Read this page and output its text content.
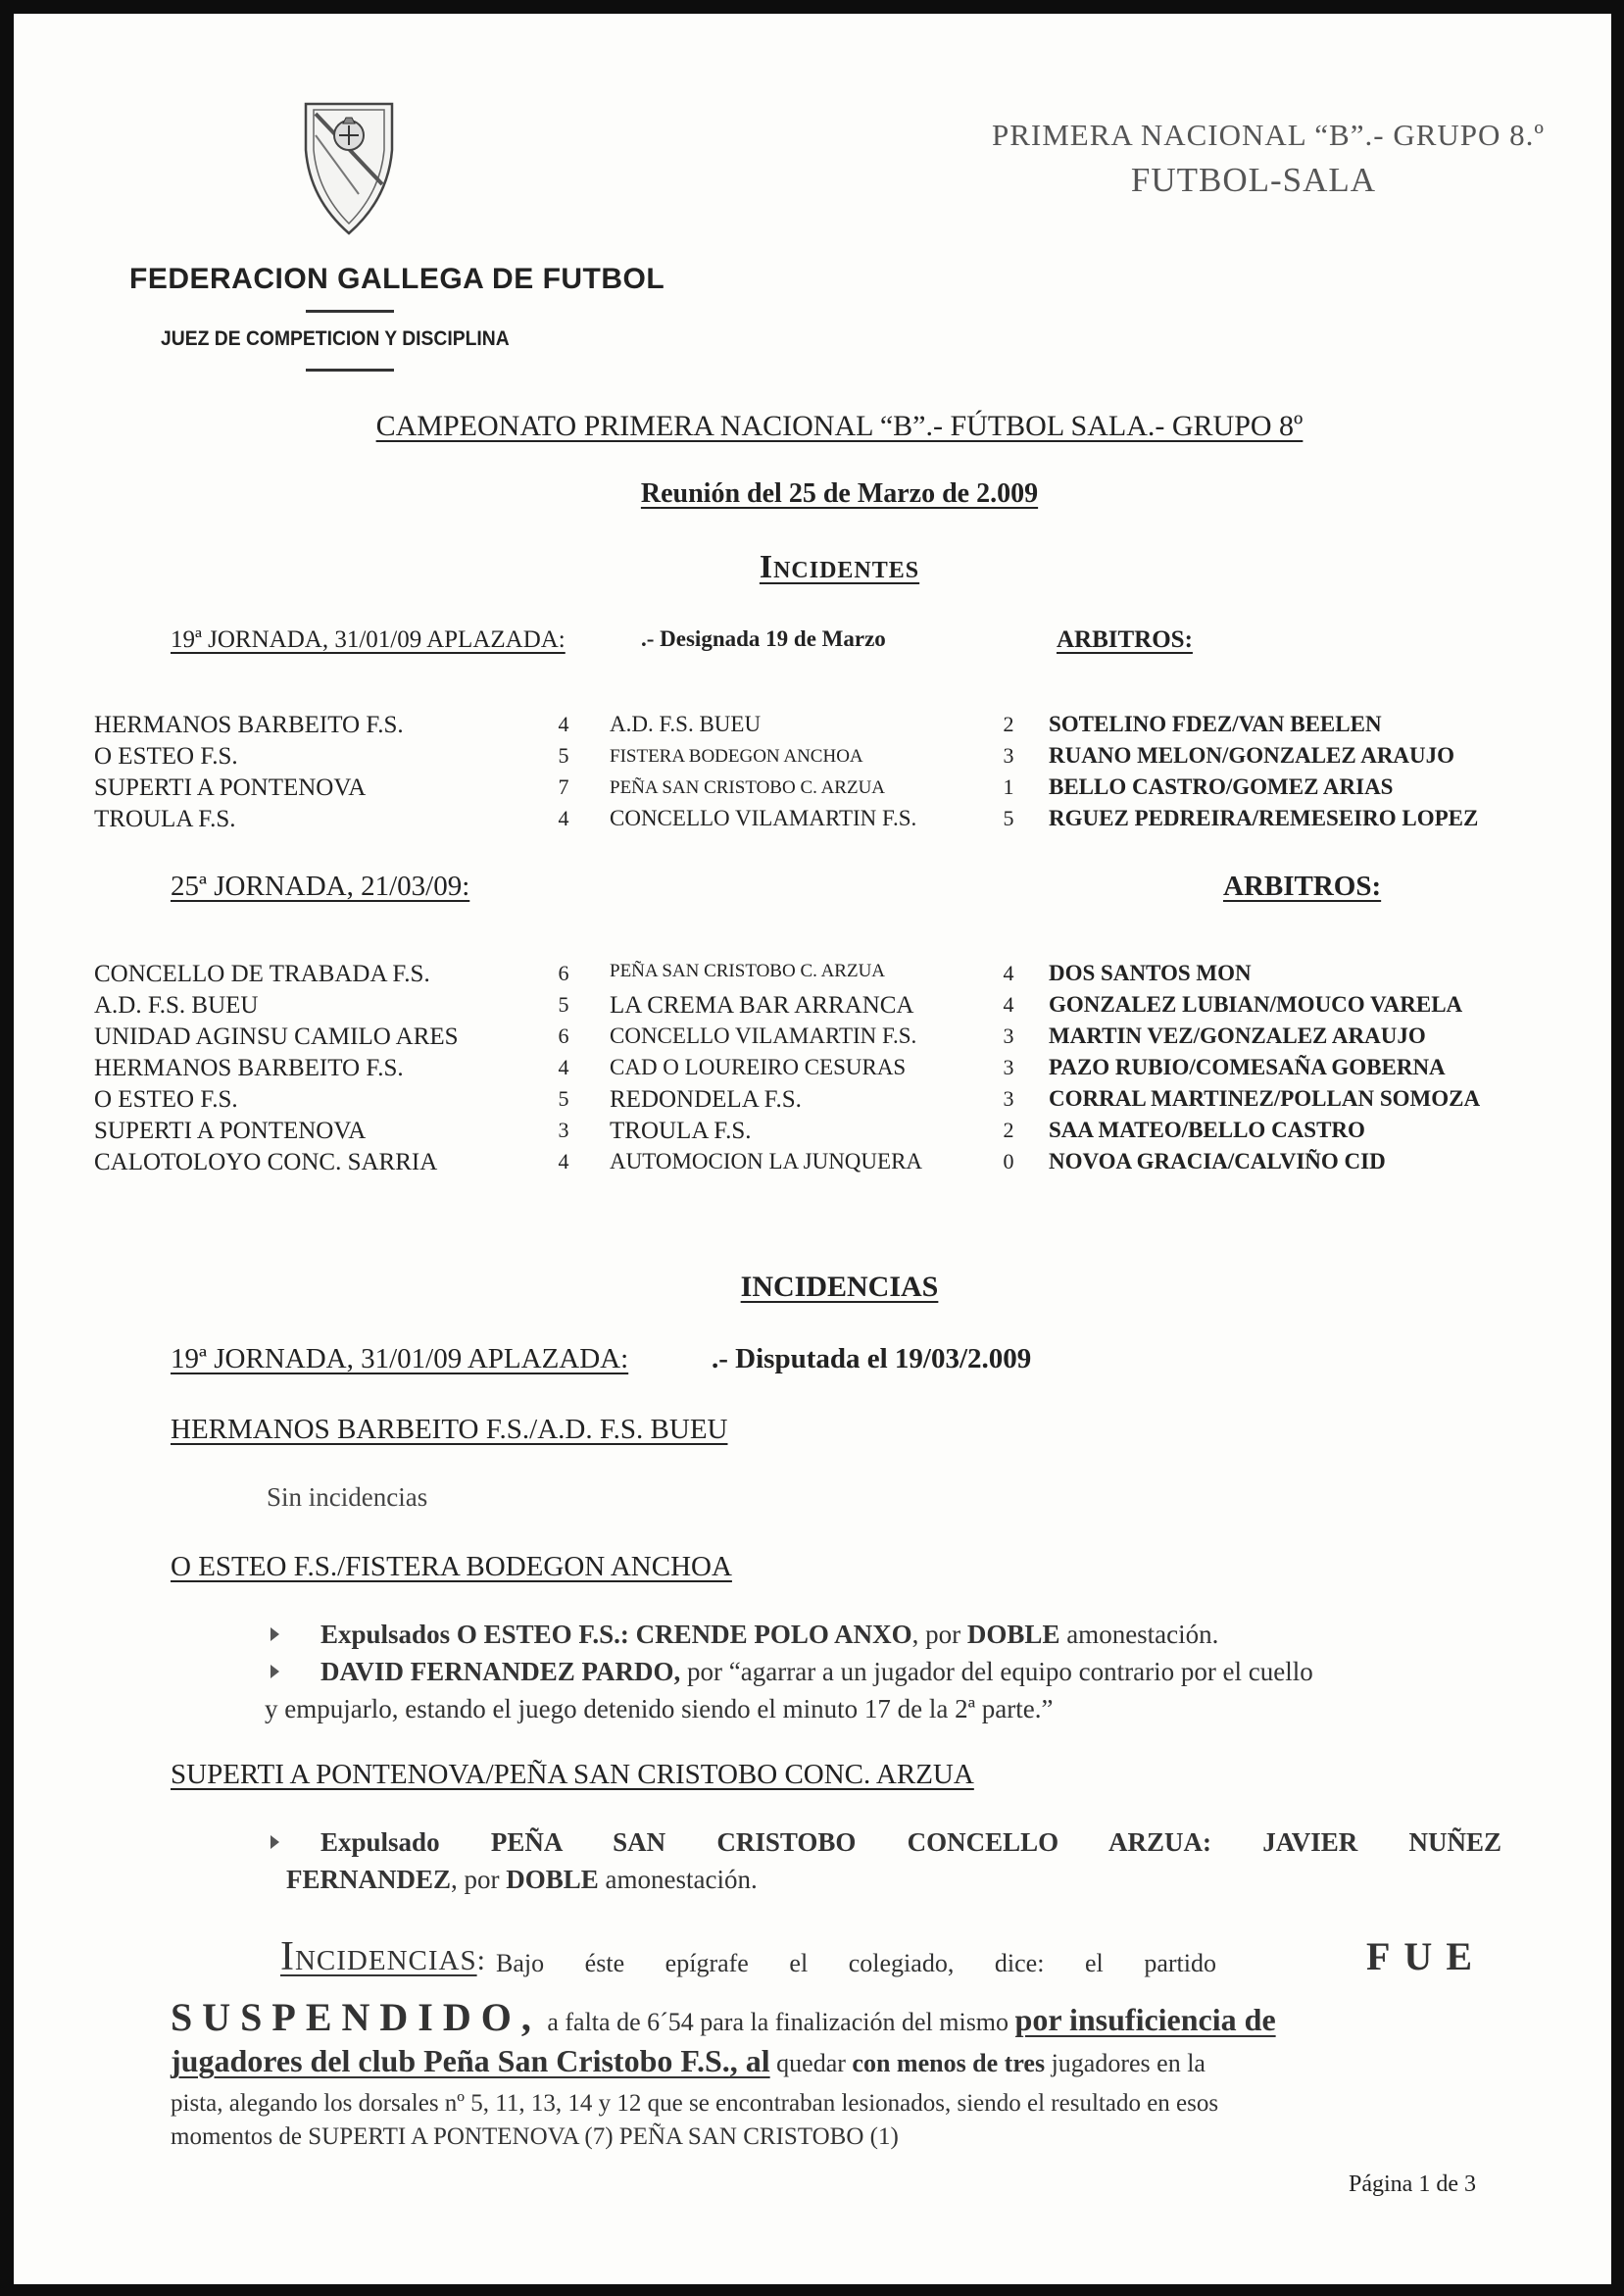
FEDERACION GALLEGA DE FUTBOL
JUEZ DE COMPETICION Y DISCIPLINA
PRIMERA NACIONAL “B”.- GRUPO 8.º
FUTBOL-SALA
CAMPEONATO PRIMERA NACIONAL “B”.- FÚTBOL SALA.- GRUPO 8º
Reunión del 25 de Marzo de 2.009
Incidentes
19ª JORNADA, 31/01/09 APLAZADA:	.- Designada 19 de Marzo	ARBITROS:
HERMANOS BARBEITO F.S.	4	A.D. F.S. BUEU	2	SOTELINO FDEZ/VAN BEELEN
O ESTEO F.S.	5	FISTERA BODEGON ANCHOA	3	RUANO MELON/GONZALEZ ARAUJO
SUPERTI A PONTENOVA	7	PEÑA SAN CRISTOBO C. ARZUA	1	BELLO CASTRO/GOMEZ ARIAS
TROULA F.S.	4	CONCELLO VILAMARTIN F.S.	5	RGUEZ PEDREIRA/REMESEIRO LOPEZ
25ª JORNADA, 21/03/09:	ARBITROS:
CONCELLO DE TRABADA F.S.	6	PEÑA SAN CRISTOBO C. ARZUA	4	DOS SANTOS MON
A.D. F.S. BUEU	5	LA CREMA BAR ARRANCA	4	GONZALEZ LUBIAN/MOUCO VARELA
UNIDAD AGINSU CAMILO ARES	6	CONCELLO VILAMARTIN F.S.	3	MARTIN VEZ/GONZALEZ ARAUJO
HERMANOS BARBEITO F.S.	4	CAD O LOUREIRO CESURAS	3	PAZO RUBIO/COMESAÑA GOBERNA
O ESTEO F.S.	5	REDONDELA F.S.	3	CORRAL MARTINEZ/POLLAN SOMOZA
SUPERTI A PONTENOVA	3	TROULA F.S.	2	SAA MATEO/BELLO CASTRO
CALOTOLOYO CONC. SARRIA	4	AUTOMOCION LA JUNQUERA	0	NOVOA GRACIA/CALVIÑO CID
INCIDENCIAS
19ª JORNADA, 31/01/09 APLAZADA:	.- Disputada el 19/03/2.009
HERMANOS BARBEITO F.S./A.D. F.S. BUEU
Sin incidencias
O ESTEO F.S./FISTERA BODEGON ANCHOA
Expulsados O ESTEO F.S.: CRENDE POLO ANXO, por DOBLE amonestación.
DAVID FERNANDEZ PARDO, por “agarrar a un jugador del equipo contrario por el cuello
y empujarlo, estando el juego detenido siendo el minuto 17 de la 2ª parte.”
SUPERTI A PONTENOVA/PEÑA SAN CRISTOBO CONC. ARZUA
Expulsado PEÑA SAN CRISTOBO CONCELLO ARZUA: JAVIER NUÑEZ
FERNANDEZ, por DOBLE amonestación.
Incidencias: Bajo éste epígrafe el colegiado, dice: el partido	FUE
SUSPENDIDO, a falta de 6´54 para la finalización del mismo por insuficiencia de
jugadores del club Peña San Cristobo F.S., al quedar con menos de tres jugadores en la
pista, alegando los dorsales nº 5, 11, 13, 14 y 12 que se encontraban lesionados, siendo el resultado en esos
momentos de SUPERTI A PONTENOVA (7) PEÑA SAN CRISTOBO (1)
Página 1 de 3
